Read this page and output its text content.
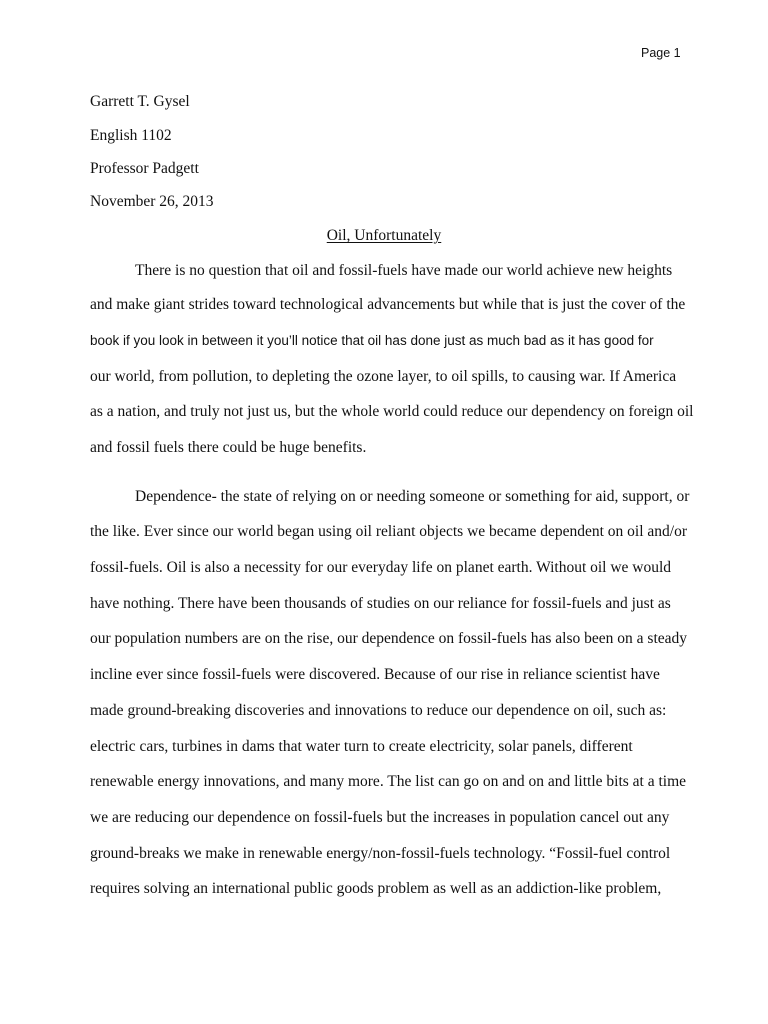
Page 1
Garrett T. Gysel
English 1102
Professor Padgett
November 26, 2013
Oil, Unfortunately
There is no question that oil and fossil-fuels have made our world achieve new heights
and make giant strides toward technological advancements but while that is just the cover of the
book if you look in between it you’ll notice that oil has done just as much bad as it has good for
our world, from pollution, to depleting the ozone layer, to oil spills, to causing war. If America
as a nation, and truly not just us, but the whole world could reduce our dependency on foreign oil
and fossil fuels there could be huge benefits.
Dependence- the state of relying on or needing someone or something for aid, support, or
the like. Ever since our world began using oil reliant objects we became dependent on oil and/or
fossil-fuels. Oil is also a necessity for our everyday life on planet earth. Without oil we would
have nothing. There have been thousands of studies on our reliance for fossil-fuels and just as
our population numbers are on the rise, our dependence on fossil-fuels has also been on a steady
incline ever since fossil-fuels were discovered. Because of our rise in reliance scientist have
made ground-breaking discoveries and innovations to reduce our dependence on oil, such as:
electric cars, turbines in dams that water turn to create electricity, solar panels, different
renewable energy innovations, and many more. The list can go on and on and little bits at a time
we are reducing our dependence on fossil-fuels but the increases in population cancel out any
ground-breaks we make in renewable energy/non-fossil-fuels technology. “Fossil-fuel control
requires solving an international public goods problem as well as an addiction-like problem,
